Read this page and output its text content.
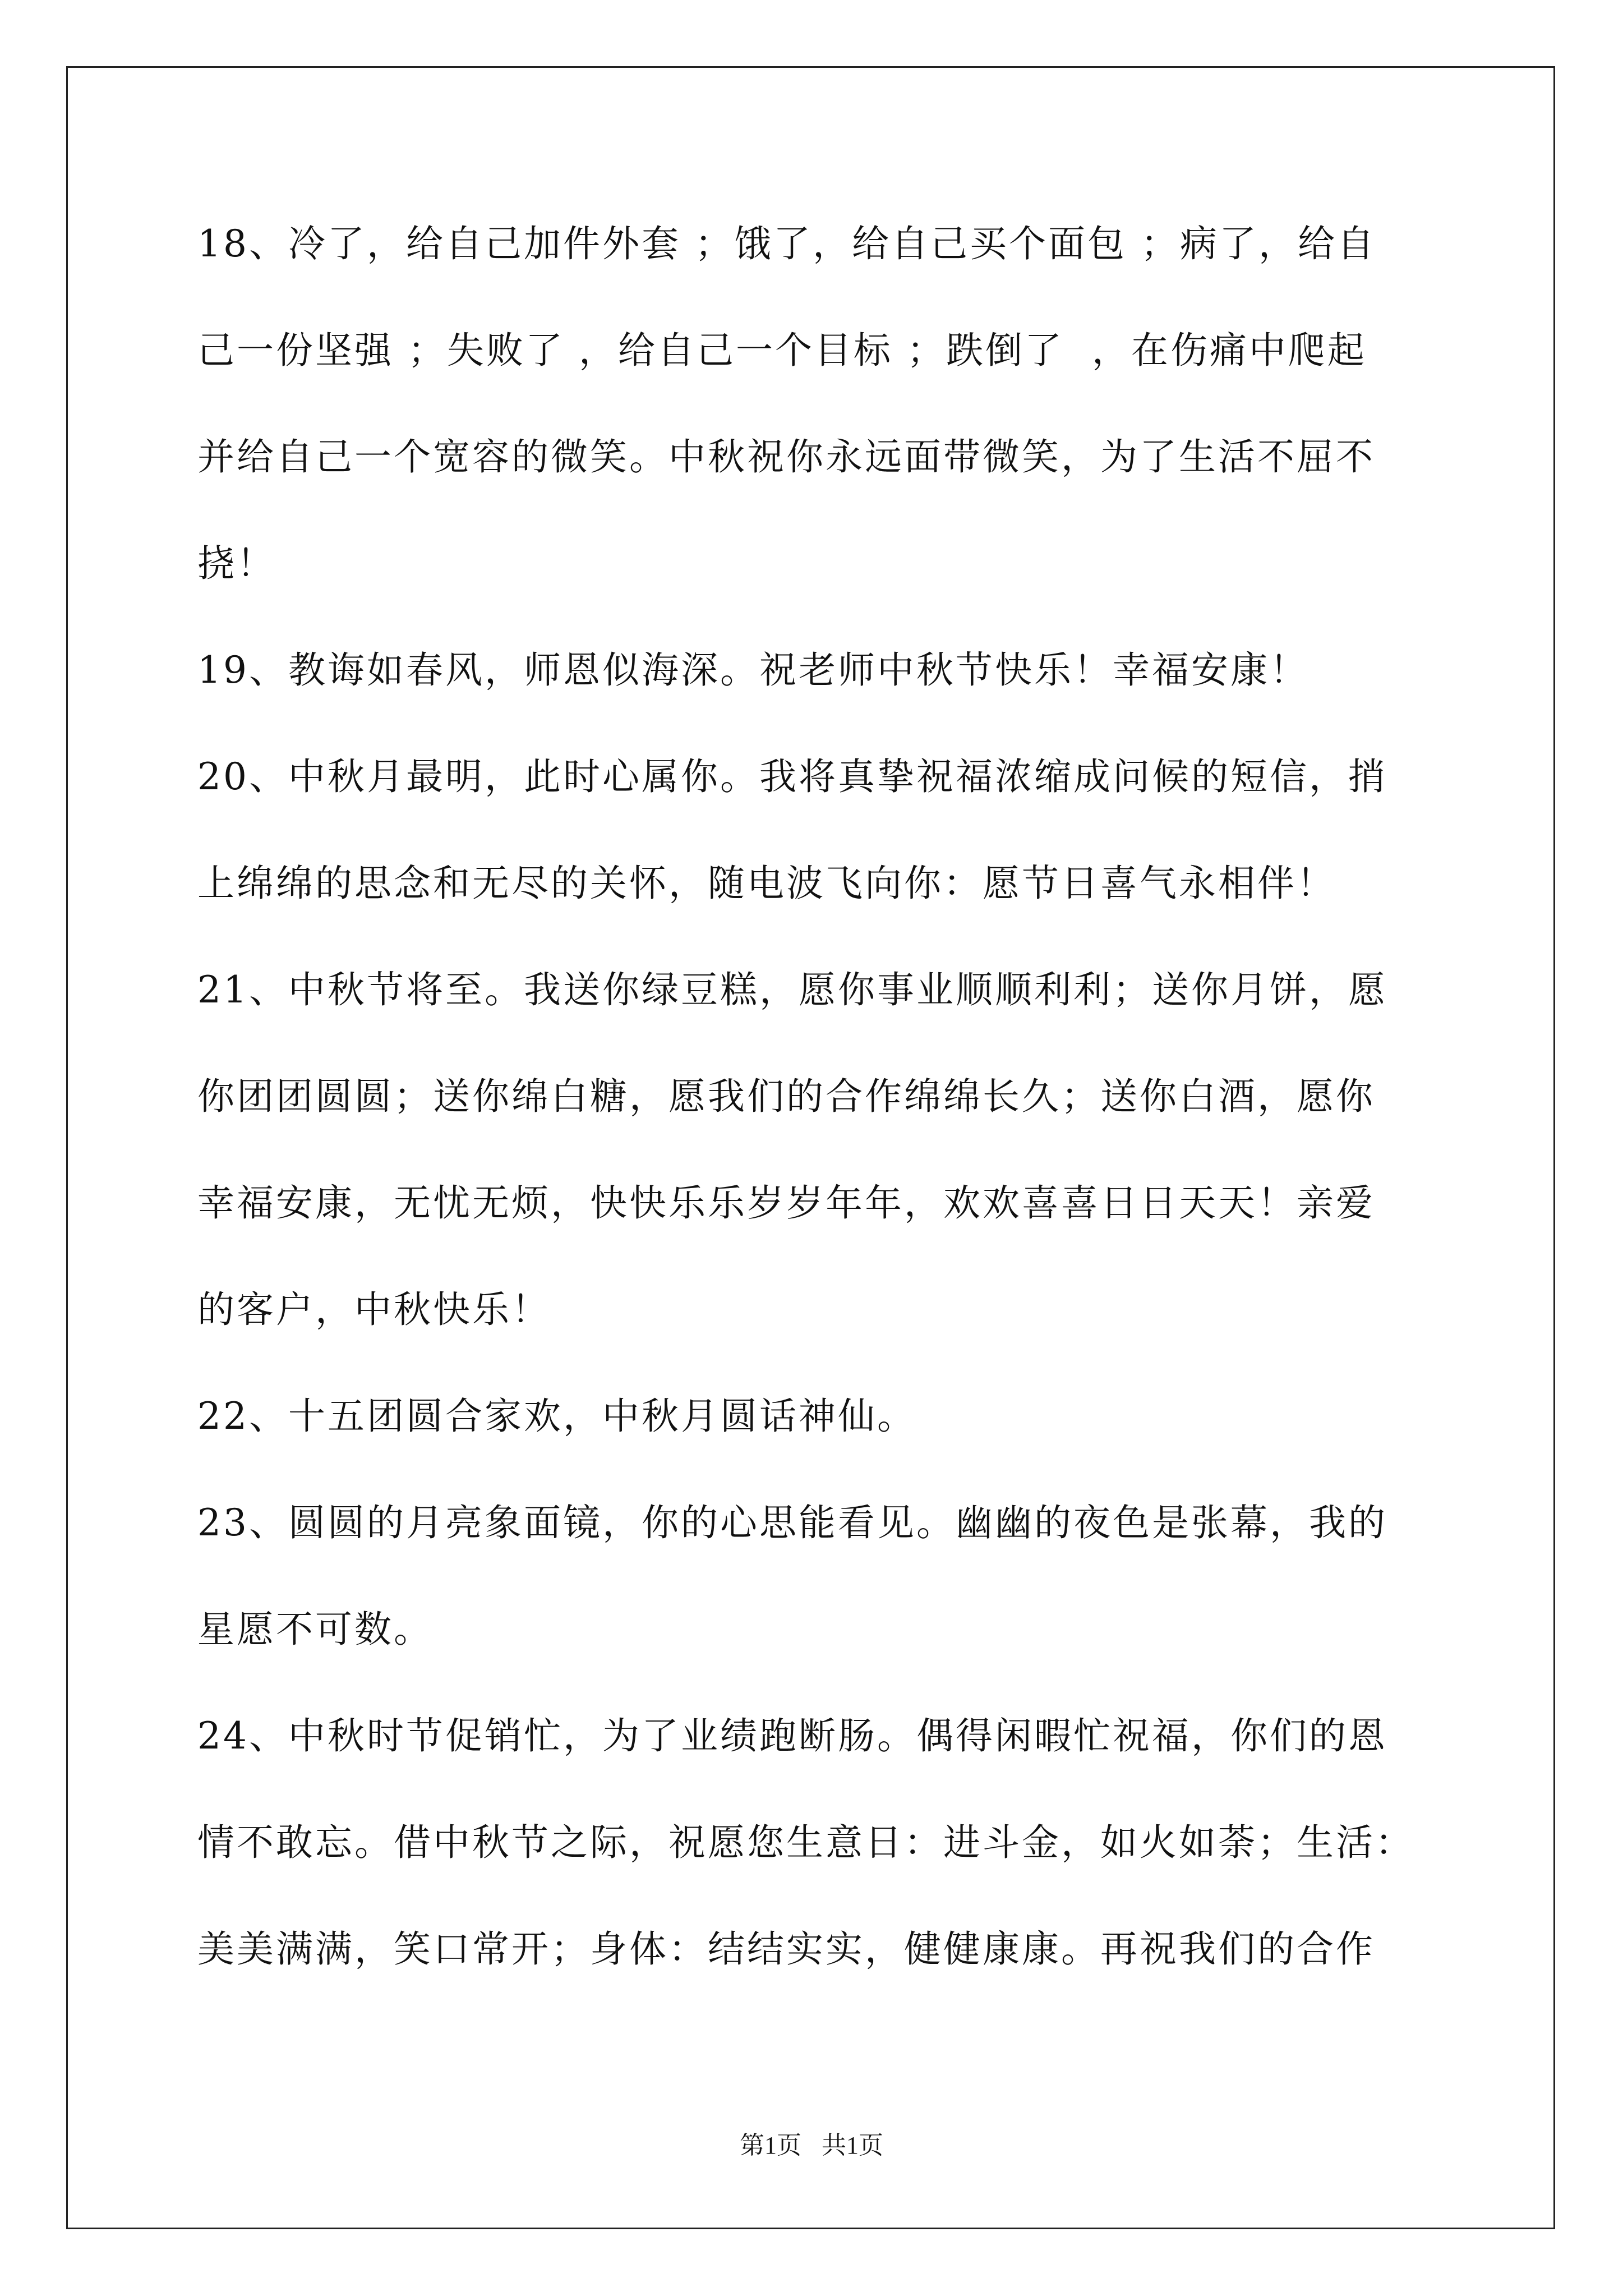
18、冷了，给自己加件外套 ；饿了，给自己买个面包 ；病了，给自
己一份坚强 ；失败了 ，给自己一个目标 ；跌倒了  ，在伤痛中爬起
并给自己一个宽容的微笑。中秋祝你永远面带微笑，为了生活不屈不
挠！
19、教诲如春风，师恩似海深。祝老师中秋节快乐！幸福安康！
20、中秋月最明，此时心属你。我将真挚祝福浓缩成问候的短信，捎
上绵绵的思念和无尽的关怀，随电波飞向你：愿节日喜气永相伴！
21、中秋节将至。我送你绿豆糕，愿你事业顺顺利利；送你月饼，愿
你团团圆圆；送你绵白糖，愿我们的合作绵绵长久；送你白酒，愿你
幸福安康，无忧无烦，快快乐乐岁岁年年，欢欢喜喜日日天天！亲爱
的客户，中秋快乐！
22、十五团圆合家欢，中秋月圆话神仙。
23、圆圆的月亮象面镜，你的心思能看见。幽幽的夜色是张幕，我的
星愿不可数。
24、中秋时节促销忙，为了业绩跑断肠。偶得闲暇忙祝福，你们的恩
情不敢忘。借中秋节之际，祝愿您生意日：进斗金，如火如荼；生活：
美美满满，笑口常开；身体：结结实实，健健康康。再祝我们的合作
第1页 共1页
